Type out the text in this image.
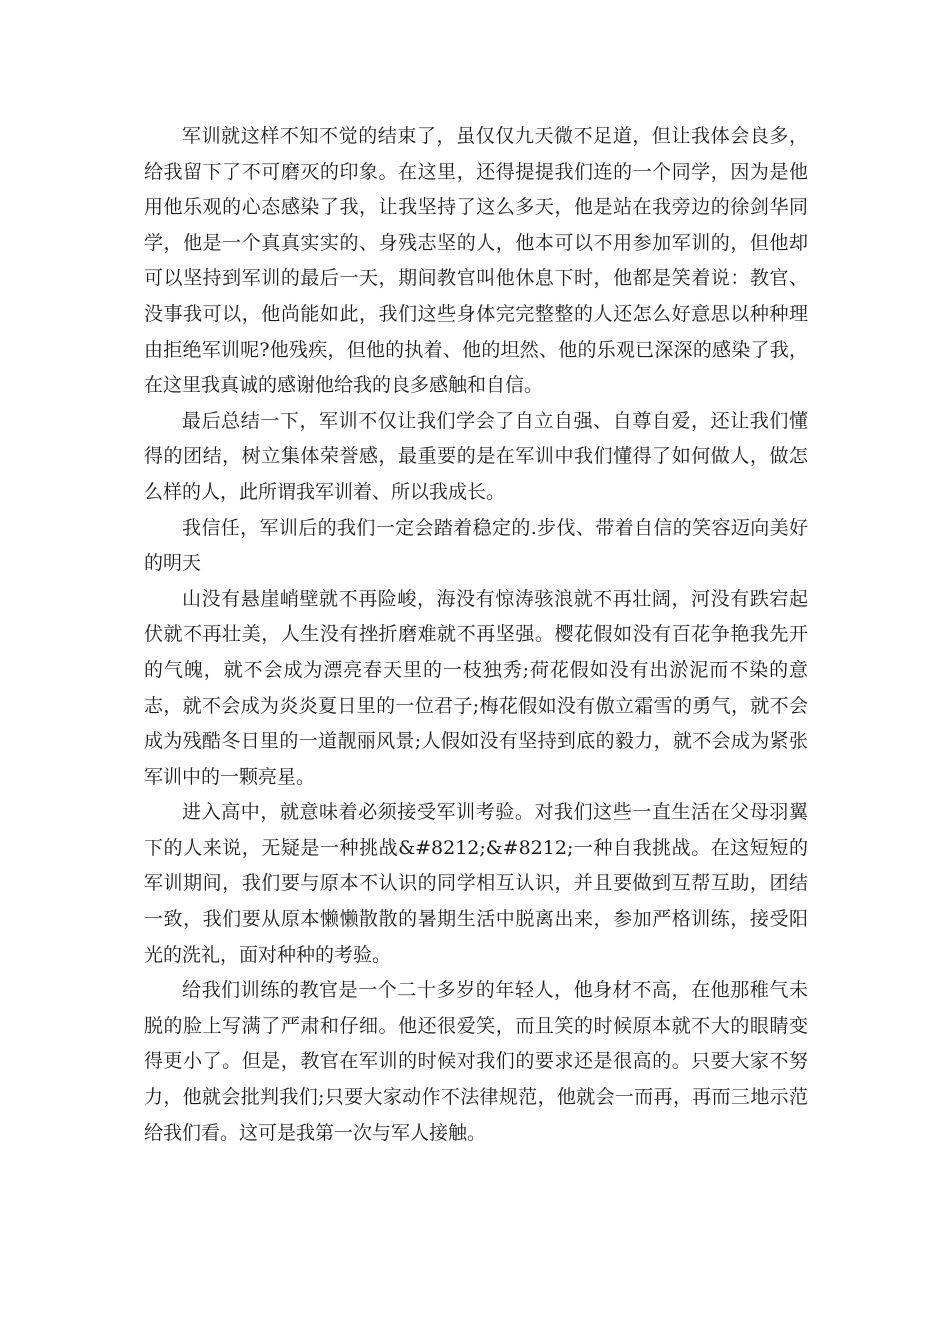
军训就这样不知不觉的结束了，虽仅仅九天微不足道，但让我体会良多，给我留下了不可磨灭的印象。在这里，还得提提我们连的一个同学，因为是他用他乐观的心态感染了我，让我坚持了这么多天，他是站在我旁边的徐剑华同学，他是一个真真实实的、身残志坚的人，他本可以不用参加军训的，但他却可以坚持到军训的最后一天，期间教官叫他休息下时，他都是笑着说：教官、没事我可以，他尚能如此，我们这些身体完完整整的人还怎么好意思以种种理由拒绝军训呢?他残疾，但他的执着、他的坦然、他的乐观已深深的感染了我，在这里我真诚的感谢他给我的良多感触和自信。

最后总结一下，军训不仅让我们学会了自立自强、自尊自爱，还让我们懂得的团结，树立集体荣誉感，最重要的是在军训中我们懂得了如何做人，做怎么样的人，此所谓我军训着、所以我成长。

我信任，军训后的我们一定会踏着稳定的.步伐、带着自信的笑容迈向美好的明天

山没有悬崖峭壁就不再险峻，海没有惊涛骇浪就不再壮阔，河没有跌宕起伏就不再壮美，人生没有挫折磨难就不再坚强。樱花假如没有百花争艳我先开的气魄，就不会成为漂亮春天里的一枝独秀;荷花假如没有出淤泥而不染的意志，就不会成为炎炎夏日里的一位君子;梅花假如没有傲立霜雪的勇气，就不会成为残酷冬日里的一道靓丽风景;人假如没有坚持到底的毅力，就不会成为紧张军训中的一颗亮星。

进入高中，就意味着必须接受军训考验。对我们这些一直生活在父母羽翼下的人来说，无疑是一种挑战&#8212;&#8212;一种自我挑战。在这短短的军训期间，我们要与原本不认识的同学相互认识，并且要做到互帮互助，团结一致，我们要从原本懒懒散散的暑期生活中脱离出来，参加严格训练，接受阳光的洗礼，面对种种的考验。

给我们训练的教官是一个二十多岁的年轻人，他身材不高，在他那稚气未脱的脸上写满了严肃和仔细。他还很爱笑，而且笑的时候原本就不大的眼睛变得更小了。但是，教官在军训的时候对我们的要求还是很高的。只要大家不努力，他就会批判我们;只要大家动作不法律规范，他就会一而再，再而三地示范给我们看。这可是我第一次与军人接触。
